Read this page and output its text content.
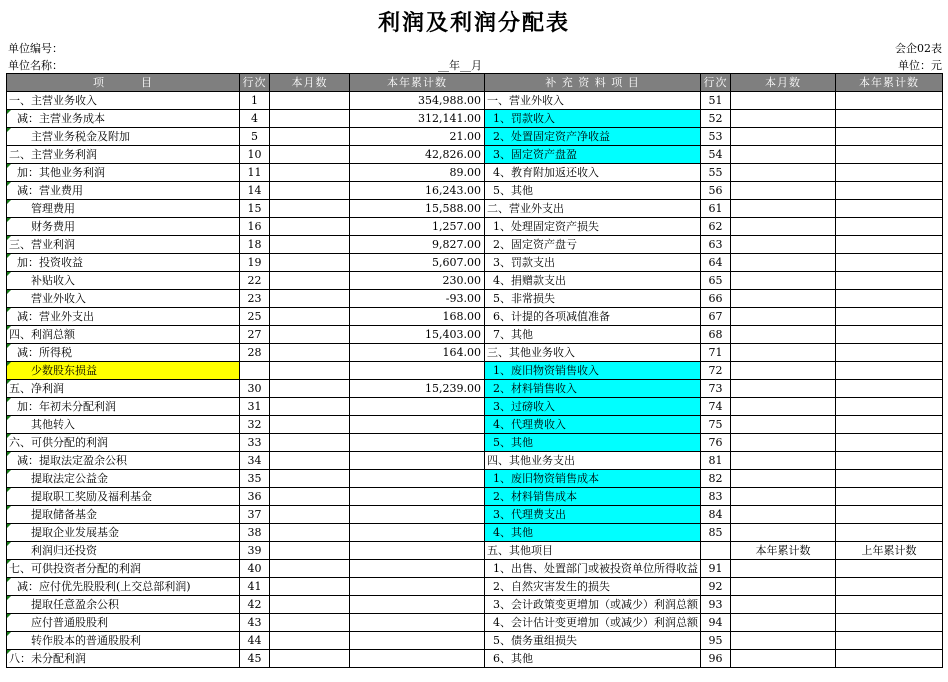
利润及利润分配表
单位编号：
单位名称：	__年__月
会企02表
单位：元
项　　　目	行次	本月数	本年累计数	补 充 资 料 项 目	行次	本月数	本年累计数
一、主营业务收入	1		354,988.00	一、营业外收入	51		
减：主营业务成本	4		312,141.00	1、罚款收入	52		
主营业务税金及附加	5		21.00	2、处置固定资产净收益	53		
二、主营业务利润	10		42,826.00	3、固定资产盘盈	54		
加：其他业务利润	11		89.00	4、教育附加返还收入	55		
减：营业费用	14		16,243.00	5、其他	56		
管理费用	15		15,588.00	二、营业外支出	61		
财务费用	16		1,257.00	1、处理固定资产损失	62		
三、营业利润	18		9,827.00	2、固定资产盘亏	63		
加：投资收益	19		5,607.00	3、罚款支出	64		
补贴收入	22		230.00	4、捐赠款支出	65		
营业外收入	23		-93.00	5、非常损失	66		
减：营业外支出	25		168.00	6、计提的各项减值准备	67		
四、利润总额	27		15,403.00	7、其他	68		
减：所得税	28		164.00	三、其他业务收入	71		
少数股东损益				1、废旧物资销售收入	72		
五、净利润	30		15,239.00	2、材料销售收入	73		
加：年初未分配利润	31			3、过磅收入	74		
其他转入	32			4、代理费收入	75		
六、可供分配的利润	33			5、其他	76		
减：提取法定盈余公积	34			四、其他业务支出	81		
提取法定公益金	35			1、废旧物资销售成本	82		
提取职工奖励及福利基金	36			2、材料销售成本	83		
提取储备基金	37			3、代理费支出	84		
提取企业发展基金	38			4、其他	85		
利润归还投资	39			五、其他项目		本年累计数	上年累计数
七、可供投资者分配的利润	40			1、出售、处置部门或被投资单位所得收益	91		
减：应付优先股股利(上交总部利润)	41			2、自然灾害发生的损失	92		
提取任意盈余公积	42			3、会计政策变更增加（或减少）利润总额	93		
应付普通股股利	43			4、会计估计变更增加（或减少）利润总额	94		
转作股本的普通股股利	44			5、债务重组损失	95		
八：未分配利润	45			6、其他	96		
